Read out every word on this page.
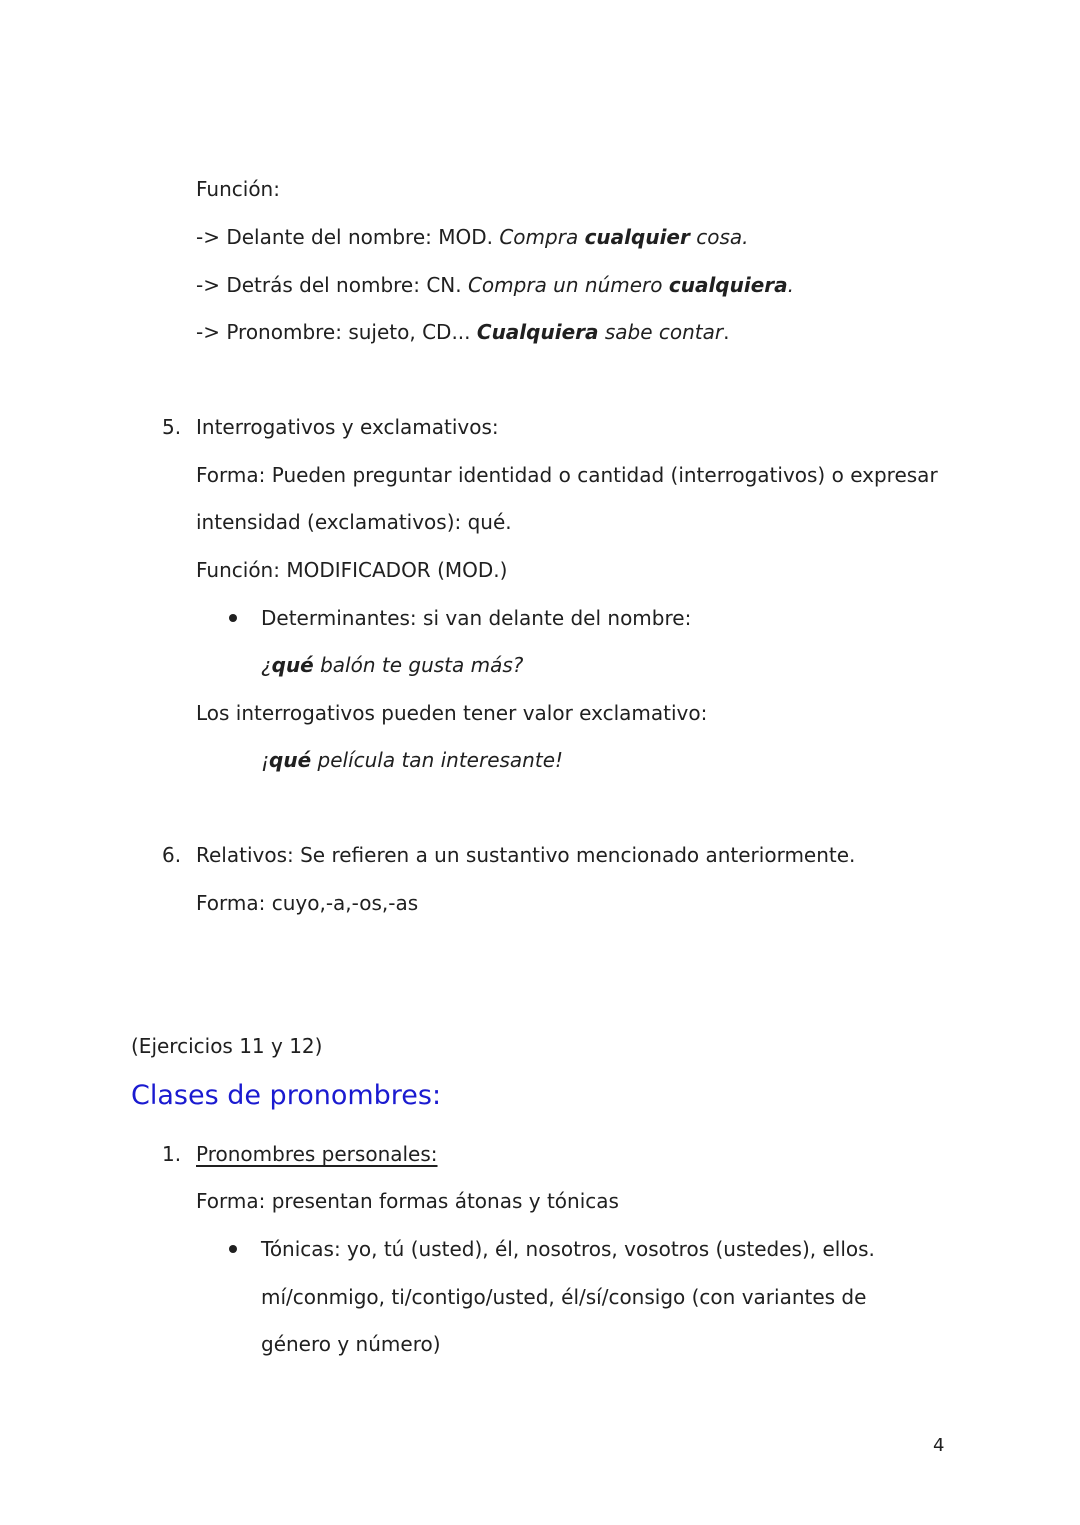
Función:
-> Delante del nombre: MOD. Compra cualquier cosa.
-> Detrás del nombre: CN. Compra un número cualquiera.
-> Pronombre: sujeto, CD... Cualquiera sabe contar.
5. Interrogativos y exclamativos:
Forma: Pueden preguntar identidad o cantidad (interrogativos) o expresar
intensidad (exclamativos): qué.
Función: MODIFICADOR (MOD.)
Determinantes: si van delante del nombre:
¿qué balón te gusta más?
Los interrogativos pueden tener valor exclamativo:
¡qué película tan interesante!
6. Relativos: Se refieren a un sustantivo mencionado anteriormente.
Forma: cuyo,-a,-os,-as
(Ejercicios 11 y 12)
Clases de pronombres:
1. Pronombres personales:
Forma: presentan formas átonas y tónicas
Tónicas: yo, tú (usted), él, nosotros, vosotros (ustedes), ellos.
mí/conmigo, ti/contigo/usted, él/sí/consigo (con variantes de
género y número)
4
